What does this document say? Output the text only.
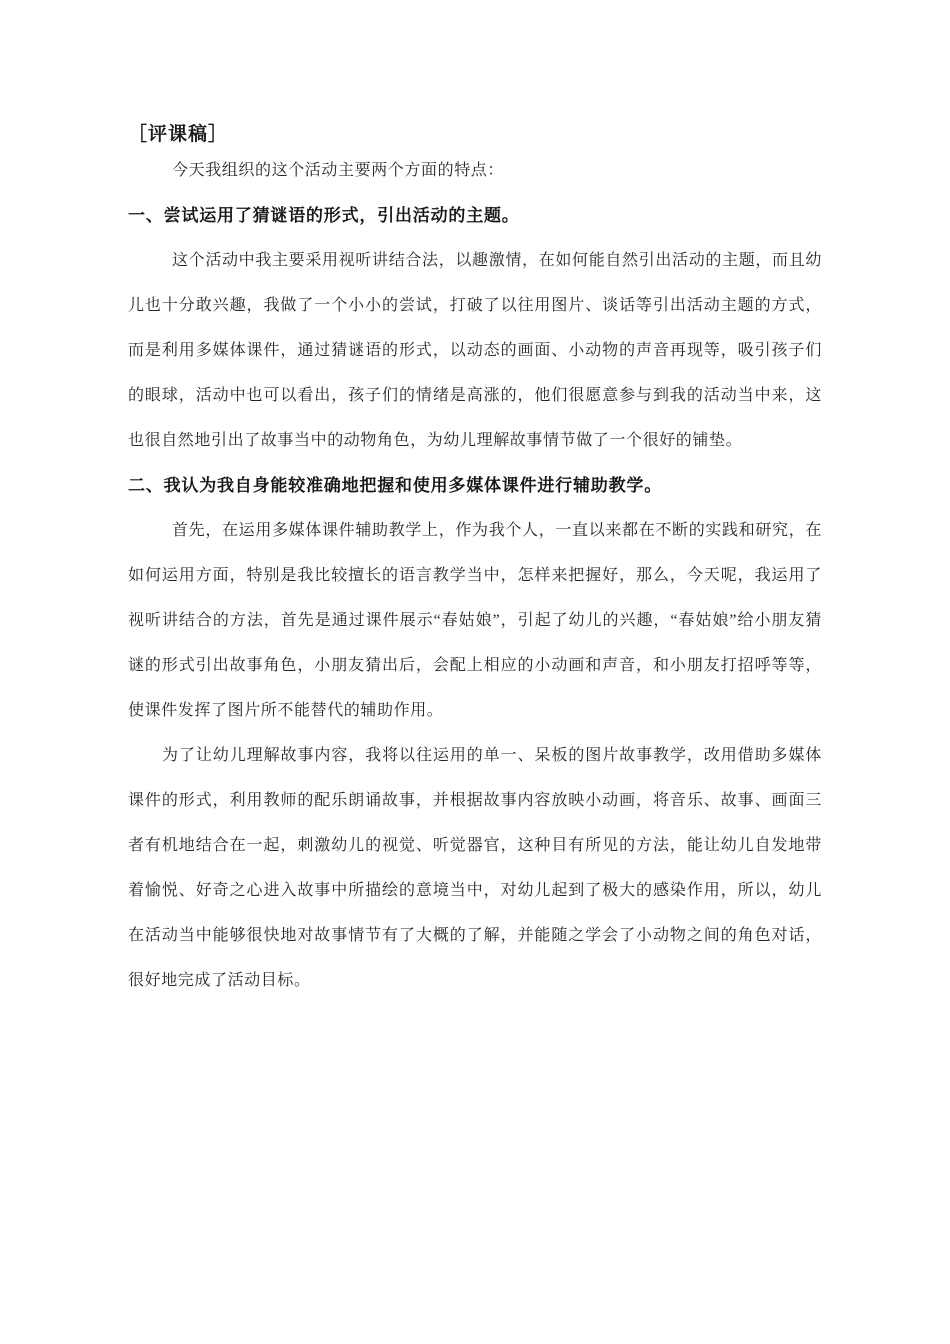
［评课稿］

今天我组织的这个活动主要两个方面的特点：

一、尝试运用了猜谜语的形式，引出活动的主题。

这个活动中我主要采用视听讲结合法，以趣激情，在如何能自然引出活动的主题，而且幼儿也十分敢兴趣，我做了一个小小的尝试，打破了以往用图片、谈话等引出活动主题的方式，而是利用多媒体课件，通过猜谜语的形式，以动态的画面、小动物的声音再现等，吸引孩子们的眼球，活动中也可以看出，孩子们的情绪是高涨的，他们很愿意参与到我的活动当中来，这也很自然地引出了故事当中的动物角色，为幼儿理解故事情节做了一个很好的铺垫。

二、我认为我自身能较准确地把握和使用多媒体课件进行辅助教学。

首先，在运用多媒体课件辅助教学上，作为我个人，一直以来都在不断的实践和研究，在如何运用方面，特别是我比较擅长的语言教学当中，怎样来把握好，那么，今天呢，我运用了视听讲结合的方法，首先是通过课件展示“春姑娘”，引起了幼儿的兴趣，“春姑娘”给小朋友猜谜的形式引出故事角色，小朋友猜出后，会配上相应的小动画和声音，和小朋友打招呼等等，使课件发挥了图片所不能替代的辅助作用。

为了让幼儿理解故事内容，我将以往运用的单一、呆板的图片故事教学，改用借助多媒体课件的形式，利用教师的配乐朗诵故事，并根据故事内容放映小动画，将音乐、故事、画面三者有机地结合在一起，刺激幼儿的视觉、听觉器官，这种目有所见的方法，能让幼儿自发地带着愉悦、好奇之心进入故事中所描绘的意境当中，对幼儿起到了极大的感染作用，所以，幼儿在活动当中能够很快地对故事情节有了大概的了解，并能随之学会了小动物之间的角色对话，很好地完成了活动目标。
